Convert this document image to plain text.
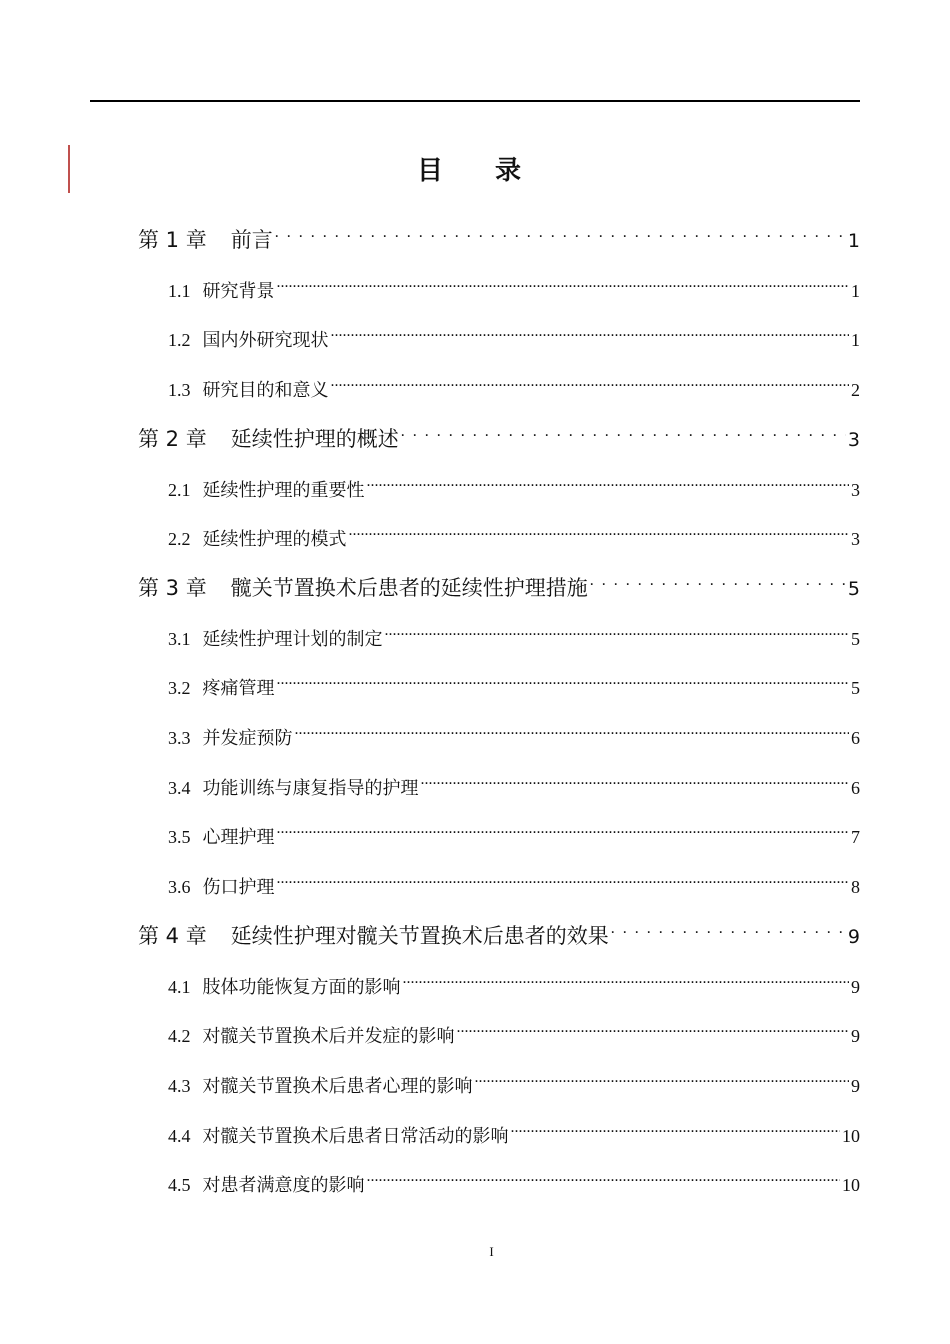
目录
第 1 章 前言 . . .	1
1.1 研究背景 .....	1
1.2 国内外研究现状 .....	1
1.3 研究目的和意义 .....	2
第 2 章 延续性护理的概述 . . .	3
2.1 延续性护理的重要性 .....	3
2.2 延续性护理的模式 .....	3
第 3 章 髋关节置换术后患者的延续性护理措施 . . .	5
3.1 延续性护理计划的制定 .....	5
3.2 疼痛管理 .....	5
3.3 并发症预防 .....	6
3.4 功能训练与康复指导的护理 .....	6
3.5 心理护理 .....	7
3.6 伤口护理 .....	8
第 4 章 延续性护理对髋关节置换术后患者的效果 . . .	9
4.1 肢体功能恢复方面的影响 .....	9
4.2 对髋关节置换术后并发症的影响 .....	9
4.3 对髋关节置换术后患者心理的影响 .....	9
4.4 对髋关节置换术后患者日常活动的影响 .....	10
4.5 对患者满意度的影响 .....	10
I
